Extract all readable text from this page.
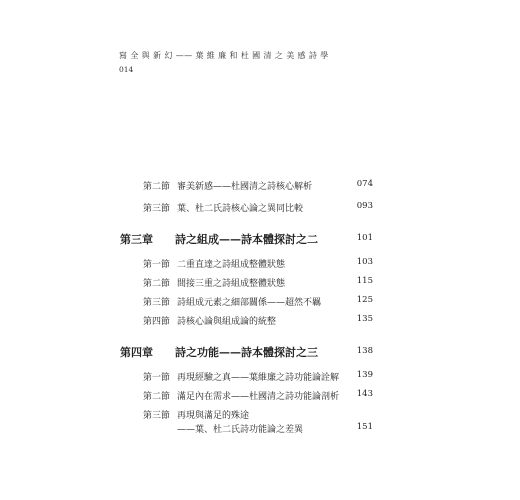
寫 全 與 新 幻 —— 葉 維 廉 和 杜 國 清 之 美 感 詩 學
014
第二節 審美新感——杜國清之詩核心解析	074
第三節 葉、杜二氏詩核心論之異同比較	093
第三章 詩之組成——詩本體探討之二	101
第一節 二重直達之詩組成整體狀態	103
第二節 間接三重之詩組成整體狀態	115
第三節 詩組成元素之細部關係——超然不羈	125
第四節 詩核心論與組成論的統整	135
第四章 詩之功能——詩本體探討之三	138
第一節 再現經驗之真——葉維廉之詩功能論詮解 139
第二節 滿足內在需求——杜國清之詩功能論剖析 143
第三節 再現與滿足的殊途
——葉、杜二氏詩功能論之差異	151
